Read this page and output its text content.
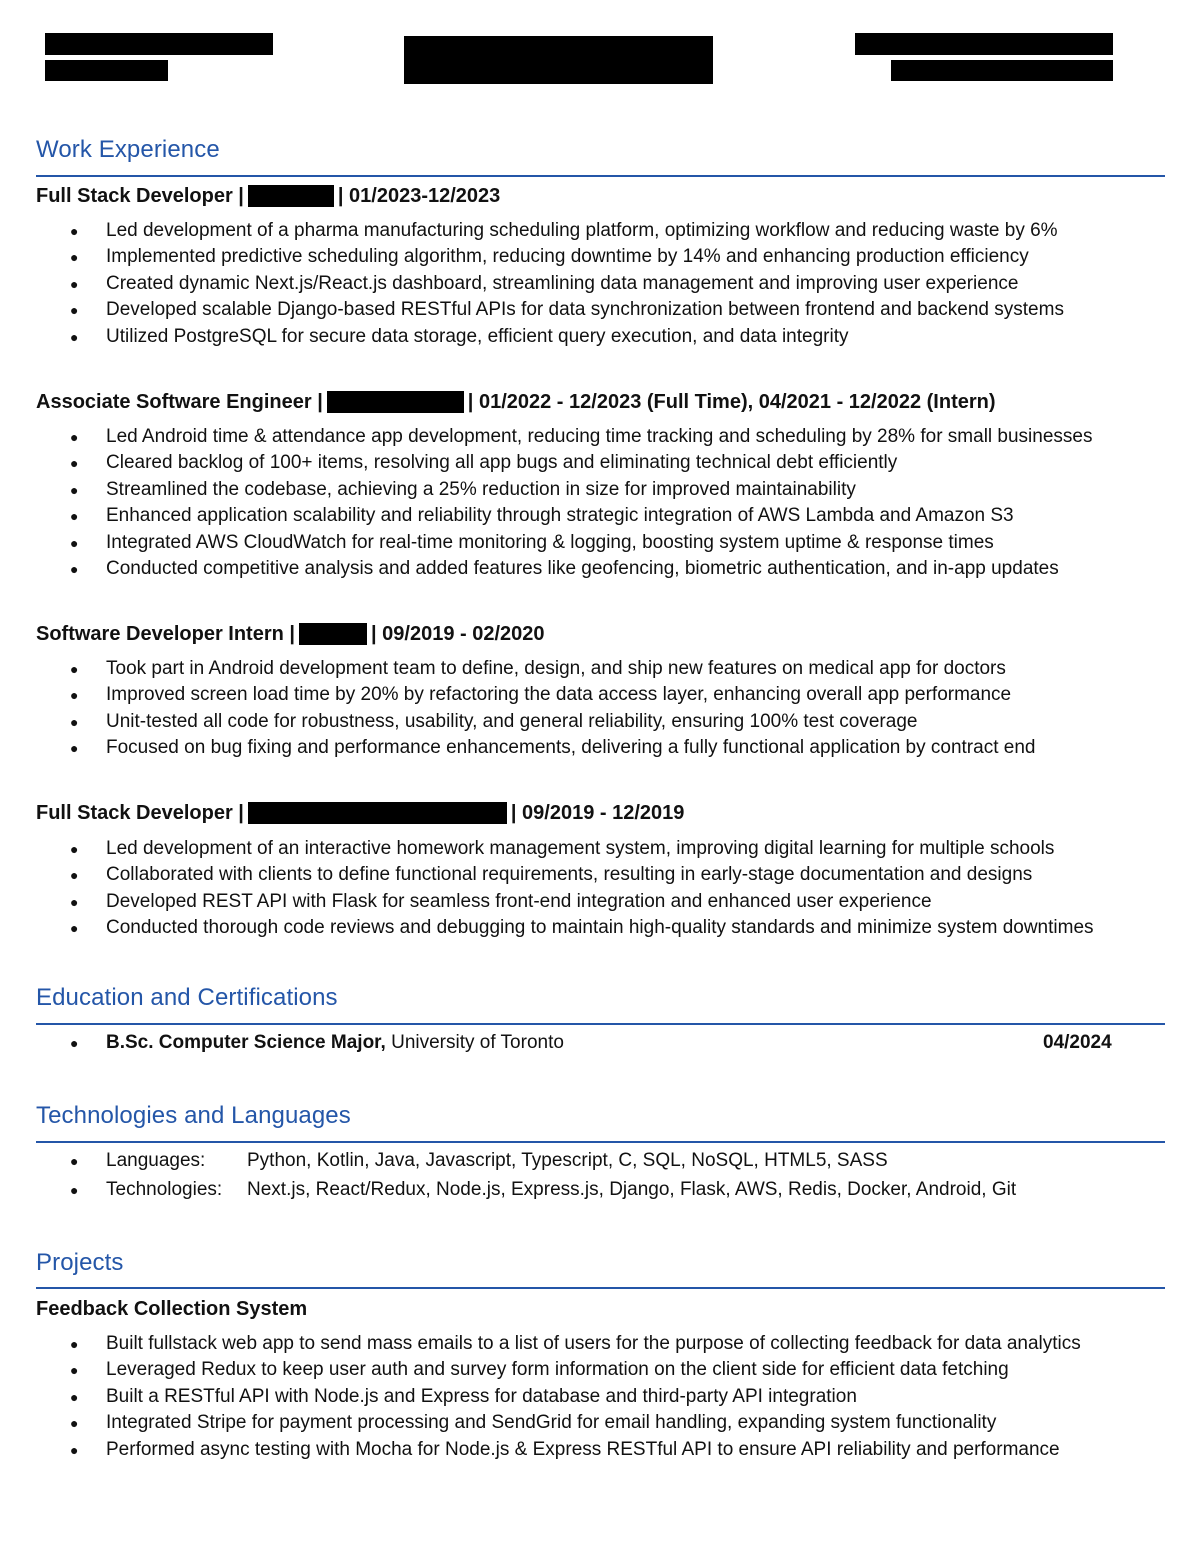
Work Experience
Full Stack Developer |	| 01/2023-12/2023
● Led development of a pharma manufacturing scheduling platform, optimizing workflow and reducing waste by 6%
● Implemented predictive scheduling algorithm, reducing downtime by 14% and enhancing production efficiency
● Created dynamic Next.js/React.js dashboard, streamlining data management and improving user experience
● Developed scalable Django-based RESTful APIs for data synchronization between frontend and backend systems
● Utilized PostgreSQL for secure data storage, efficient query execution, and data integrity
Associate Software Engineer |	| 01/2022 - 12/2023 (Full Time), 04/2021 - 12/2022 (Intern)
● Led Android time & attendance app development, reducing time tracking and scheduling by 28% for small businesses
● Cleared backlog of 100+ items, resolving all app bugs and eliminating technical debt efficiently
● Streamlined the codebase, achieving a 25% reduction in size for improved maintainability
● Enhanced application scalability and reliability through strategic integration of AWS Lambda and Amazon S3
● Integrated AWS CloudWatch for real-time monitoring & logging, boosting system uptime & response times
● Conducted competitive analysis and added features like geofencing, biometric authentication, and in-app updates
Software Developer Intern |	| 09/2019 - 02/2020
● Took part in Android development team to define, design, and ship new features on medical app for doctors
● Improved screen load time by 20% by refactoring the data access layer, enhancing overall app performance
● Unit-tested all code for robustness, usability, and general reliability, ensuring 100% test coverage
● Focused on bug fixing and performance enhancements, delivering a fully functional application by contract end
Full Stack Developer |	| 09/2019 - 12/2019
● Led development of an interactive homework management system, improving digital learning for multiple schools
● Collaborated with clients to define functional requirements, resulting in early-stage documentation and designs
● Developed REST API with Flask for seamless front-end integration and enhanced user experience
● Conducted thorough code reviews and debugging to maintain high-quality standards and minimize system downtimes
Education and Certifications
● B.Sc. Computer Science Major, University of Toronto	04/2024
Technologies and Languages
● Languages: Python, Kotlin, Java, Javascript, Typescript, C, SQL, NoSQL, HTML5, SASS
● Technologies: Next.js, React/Redux, Node.js, Express.js, Django, Flask, AWS, Redis, Docker, Android, Git
Projects
Feedback Collection System
● Built fullstack web app to send mass emails to a list of users for the purpose of collecting feedback for data analytics
● Leveraged Redux to keep user auth and survey form information on the client side for efficient data fetching
● Built a RESTful API with Node.js and Express for database and third-party API integration
● Integrated Stripe for payment processing and SendGrid for email handling, expanding system functionality
● Performed async testing with Mocha for Node.js & Express RESTful API to ensure API reliability and performance
